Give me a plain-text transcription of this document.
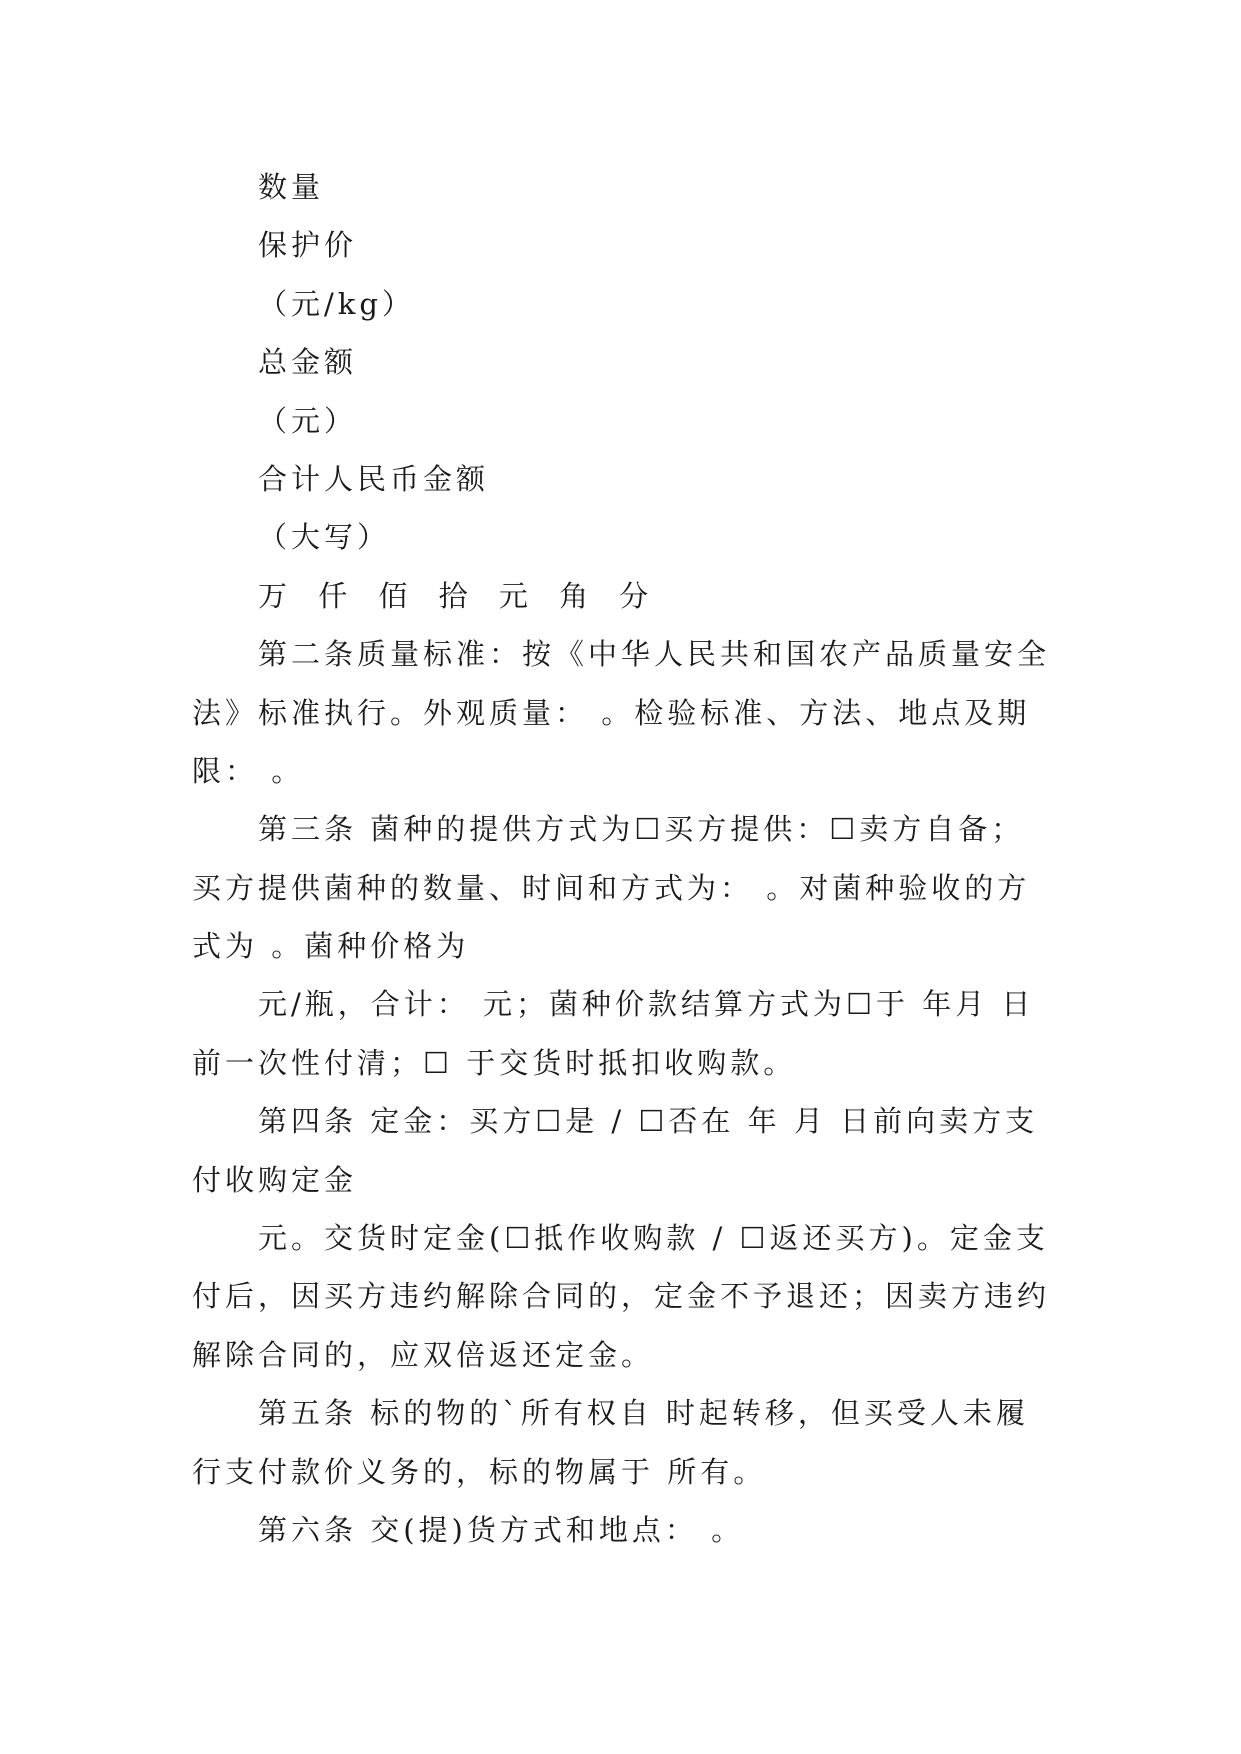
数量
保护价
（元/kg）
总金额
（元）
合计人民币金额
（大写）
万 仟 佰 拾 元 角 分
第二条质量标准：按《中华人民共和国农产品质量安全
法》标准执行。外观质量： 。检验标准、方法、地点及期
限： 。
第三条 菌种的提供方式为☐买方提供：☐卖方自备；
买方提供菌种的数量、时间和方式为： 。对菌种验收的方
式为 。菌种价格为
元/瓶，合计： 元；菌种价款结算方式为☐于 年月 日
前一次性付清；☐ 于交货时抵扣收购款。
第四条 定金：买方☐是 / ☐否在 年 月 日前向卖方支
付收购定金
元。交货时定金(☐抵作收购款 / ☐返还买方)。定金支
付后，因买方违约解除合同的，定金不予退还；因卖方违约
解除合同的，应双倍返还定金。
第五条 标的物的`所有权自 时起转移，但买受人未履
行支付款价义务的，标的物属于 所有。
第六条 交(提)货方式和地点： 。
